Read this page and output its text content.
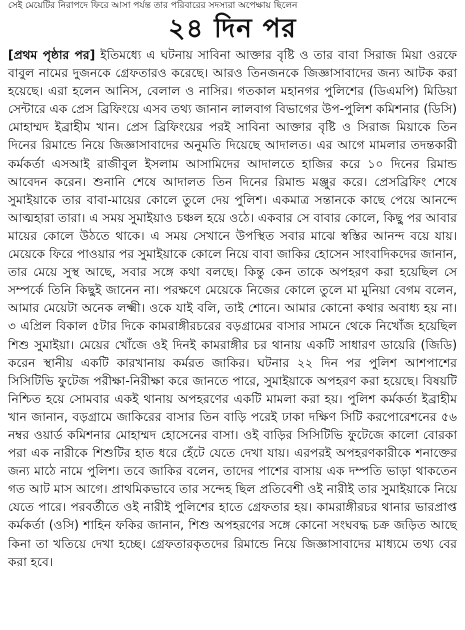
সেই মেয়েটির নিরাপদে ফিরে আসা পর্যন্ত তার পরিবারের সদস্যরা অপেক্ষায় ছিলেন
২৪ দিন পর
[প্রথম পৃষ্ঠার পর] ইতিমধ্যে এ ঘটনায় সাবিনা আক্তার বৃষ্টি ও তার বাবা সিরাজ মিয়া ওরফে বাবুল নামের দুজনকে গ্রেফতারও করেছে। আরও তিনজনকে জিজ্ঞাসাবাদের জন্য আটক করা হয়েছে। এরা হলেন আনিস, বেলাল ও নাসির। গতকাল মহানগর পুলিশের (ডিএমপি) মিডিয়া সেন্টারে এক প্রেস ব্রিফিংয়ে এসব তথ্য জানান লালবাগ বিভাগের উপ-পুলিশ কমিশনার (ডিসি) মোহাম্মদ ইব্রাহীম খান। প্রেস ব্রিফিংয়ের পরই সাবিনা আক্তার বৃষ্টি ও সিরাজ মিয়াকে তিন দিনের রিমান্ডে নিয়ে জিজ্ঞাসাবাদের অনুমতি দিয়েছে আদালত। এর আগে মামলার তদন্তকারী কর্মকর্তা এসআই রাজীবুল ইসলাম আসামিদের আদালতে হাজির করে ১০ দিনের রিমান্ড আবেদন করেন। শুনানি শেষে আদালত তিন দিনের রিমান্ড মঞ্জুর করে। প্রেসব্রিফিং শেষে সুমাইয়াকে তার বাবা-মায়ের কোলে তুলে দেয় পুলিশ। একমাত্র সন্তানকে কাছে পেয়ে আনন্দে আত্মহারা তারা। এ সময় সুমাইয়াও চঞ্চল হয়ে ওঠে। একবার সে বাবার কোলে, কিছু পর আবার মায়ের কোলে উঠতে থাকে। এ সময় সেখানে উপস্থিত সবার মাঝে স্বস্তির আনন্দ বয়ে যায়। মেয়েকে ফিরে পাওয়ার পর সুমাইয়াকে কোলে নিয়ে বাবা জাকির হোসেন সাংবাদিকদের জানান, তার মেয়ে সুস্থ আছে, সবার সঙ্গে কথা বলছে। কিন্তু কেন তাকে অপহরণ করা হয়েছিল সে সম্পর্কে তিনি কিছুই জানেন না। পরক্ষণে মেয়েকে নিজের কোলে তুলে মা মুনিয়া বেগম বলেন, আমার মেয়েটা অনেক লক্ষ্মী। ওকে যাই বলি, তাই শোনে। আমার কোনো কথার অবাধ্য হয় না। ৩ এপ্রিল বিকাল ৫টার দিকে কামরাঙ্গীরচরের বড়গ্রামের বাসার সামনে থেকে নিখোঁজ হয়েছিল শিশু সুমাইয়া। মেয়ের খোঁজে ওই দিনই কামরাঙ্গীর চর থানায় একটি সাধারণ ডায়েরি (জিডি) করেন স্থানীয় একটি কারখানায় কর্মরত জাকির। ঘটনার ২২ দিন পর পুলিশ আশপাশের সিসিটিভি ফুটেজ পরীক্ষা-নিরীক্ষা করে জানতে পারে, সুমাইয়াকে অপহরণ করা হয়েছে। বিষয়টি নিশ্চিত হয়ে সোমবার একই থানায় অপহরণের একটি মামলা করা হয়। পুলিশ কর্মকর্তা ইব্রাহীম খান জানান, বড়গ্রামে জাকিরের বাসার তিন বাড়ি পরেই ঢাকা দক্ষিণ সিটি করপোরেশনের ৫৬ নম্বর ওয়ার্ড কমিশনার মোহাম্মদ হোসেনের বাসা। ওই বাড়ির সিসিটিভি ফুটেজে কালো বোরকা পরা এক নারীকে শিশুটির হাত ধরে হেঁটে যেতে দেখা যায়। এরপরই অপহরণকারীকে শনাক্তের জন্য মাঠে নামে পুলিশ। তবে জাকির বলেন, তাদের পাশের বাসায় এক দম্পতি ভাড়া থাকতেন গত আট মাস আগে। প্রাথমিকভাবে তার সন্দেহ ছিল প্রতিবেশী ওই নারীই তার সুমাইয়াকে নিয়ে যেতে পারে। পরবর্তীতে ওই নারীই পুলিশের হাতে গ্রেফতার হয়। কামরাঙ্গীরচর থানার ভারপ্রাপ্ত কর্মকর্তা (ওসি) শাহিন ফকির জানান, শিশু অপহরণের সঙ্গে কোনো সংঘবদ্ধ চক্র জড়িত আছে কিনা তা খতিয়ে দেখা হচ্ছে। গ্রেফতারকৃতদের রিমান্ডে নিয়ে জিজ্ঞাসাবাদের মাধ্যমে তথ্য বের করা হবে।
